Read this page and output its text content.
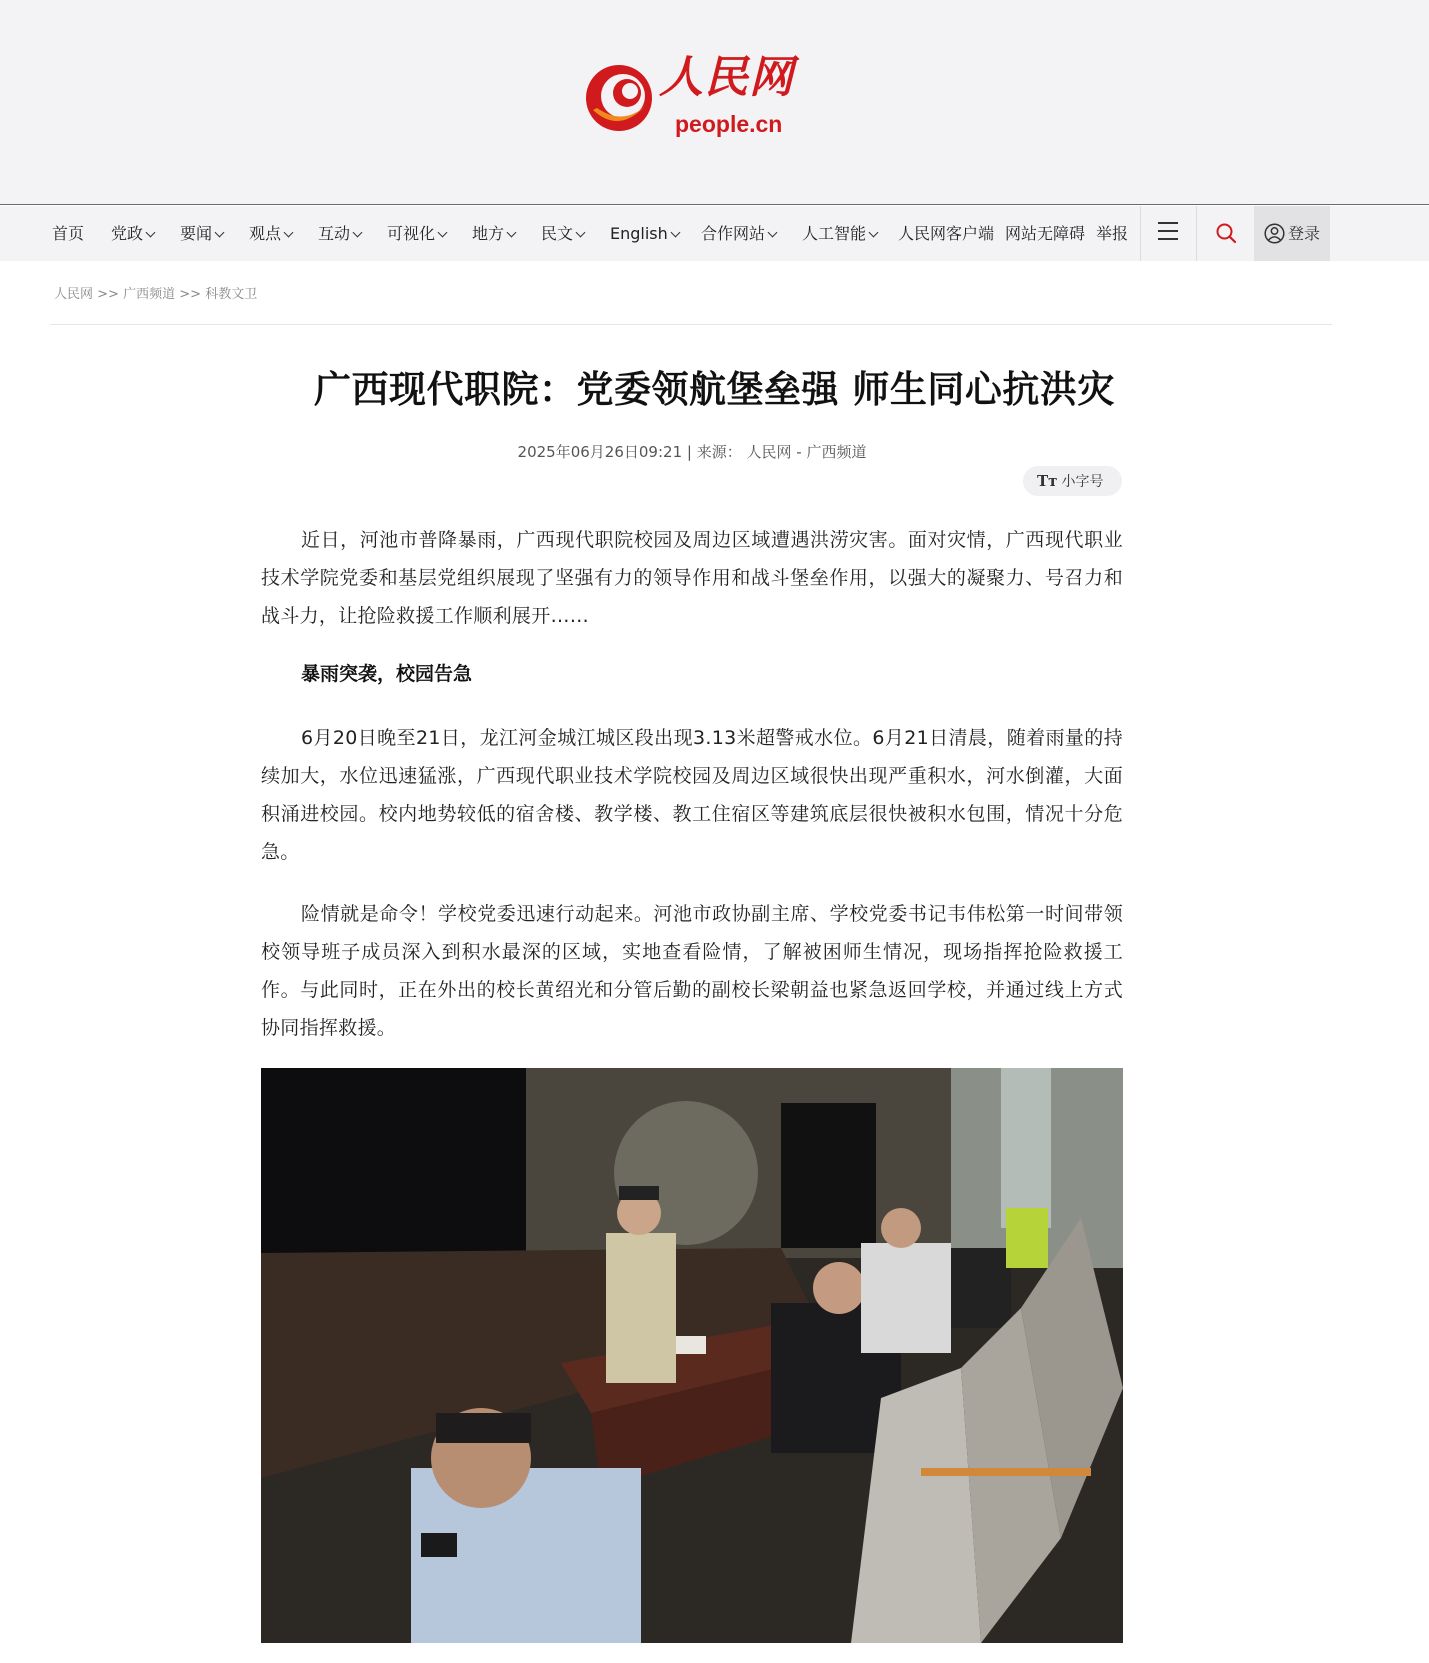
人民网
people.cn
首页 党政	要闻	观点	互动	可视化	地方	民文	English	合作网站	人工智能	人民网客户端 网站无障碍 举报	登录
人民网 >> 广西频道 >> 科教文卫
广西现代职院：党委领航堡垒强 师生同心抗洪灾
2025年06月26日09:21 | 来源： 人民网 - 广西频道
Tт 小字号

近日，河池市普降暴雨，广西现代职院校园及周边区域遭遇洪涝灾害。面对灾情，广西现代职业技术学院党委和基层党组织展现了坚强有力的领导作用和战斗堡垒作用，以强大的凝聚力、号召力和战斗力，让抢险救援工作顺利展开……

暴雨突袭，校园告急

6月20日晚至21日，龙江河金城江城区段出现3.13米超警戒水位。6月21日清晨，随着雨量的持续加大，水位迅速猛涨，广西现代职业技术学院校园及周边区域很快出现严重积水，河水倒灌，大面积涌进校园。校内地势较低的宿舍楼、教学楼、教工住宿区等建筑底层很快被积水包围，情况十分危急。

险情就是命令！学校党委迅速行动起来。河池市政协副主席、学校党委书记韦伟松第一时间带领校领导班子成员深入到积水最深的区域，实地查看险情，了解被困师生情况，现场指挥抢险救援工作。与此同时，正在外出的校长黄绍光和分管后勤的副校长梁朝益也紧急返回学校，并通过线上方式协同指挥救援。
